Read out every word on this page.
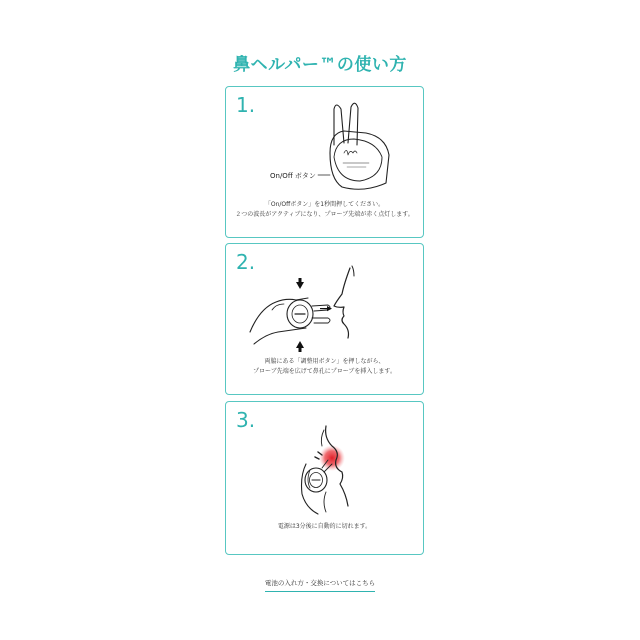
鼻ヘルパー™の使い方
1.
On/Off ボタン
「On/Offボタン」を1秒間押してください。
２つの波長がアクティブになり、プローブ先端が赤く点灯します。
2.
両脇にある「調整用ボタン」を押しながら、
プローブ先端を広げて鼻孔にプローブを挿入します。
3.
電源は3分後に自動的に切れます。
電池の入れ方・交換についてはこちら
